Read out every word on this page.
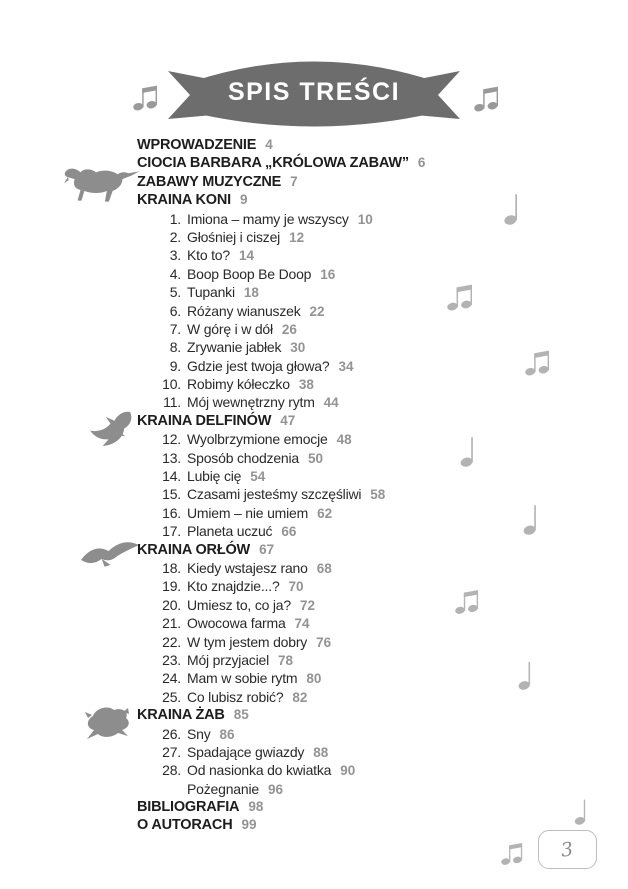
SPIS TREŚCI
WPROWADZENIE 4
CIOCIA BARBARA „KRÓLOWA ZABAW” 6
ZABAWY MUZYCZNE 7
KRAINA KONI 9
1. Imiona – mamy je wszyscy 10
2. Głośniej i ciszej 12
3. Kto to? 14
4. Boop Boop Be Doop 16
5. Tupanki 18
6. Różany wianuszek 22
7. W górę i w dół 26
8. Zrywanie jabłek 30
9. Gdzie jest twoja głowa? 34
10. Robimy kółeczko 38
11. Mój wewnętrzny rytm 44
KRAINA DELFINÓW 47
12. Wyolbrzymione emocje 48
13. Sposób chodzenia 50
14. Lubię cię 54
15. Czasami jesteśmy szczęśliwi 58
16. Umiem – nie umiem 62
17. Planeta uczuć 66
KRAINA ORŁÓW 67
18. Kiedy wstajesz rano 68
19. Kto znajdzie...? 70
20. Umiesz to, co ja? 72
21. Owocowa farma 74
22. W tym jestem dobry 76
23. Mój przyjaciel 78
24. Mam w sobie rytm 80
25. Co lubisz robić? 82
KRAINA ŻAB 85
26. Sny 86
27. Spadające gwiazdy 88
28. Od nasionka do kwiatka 90
Pożegnanie 96
BIBLIOGRAFIA 98
O AUTORACH 99
3
